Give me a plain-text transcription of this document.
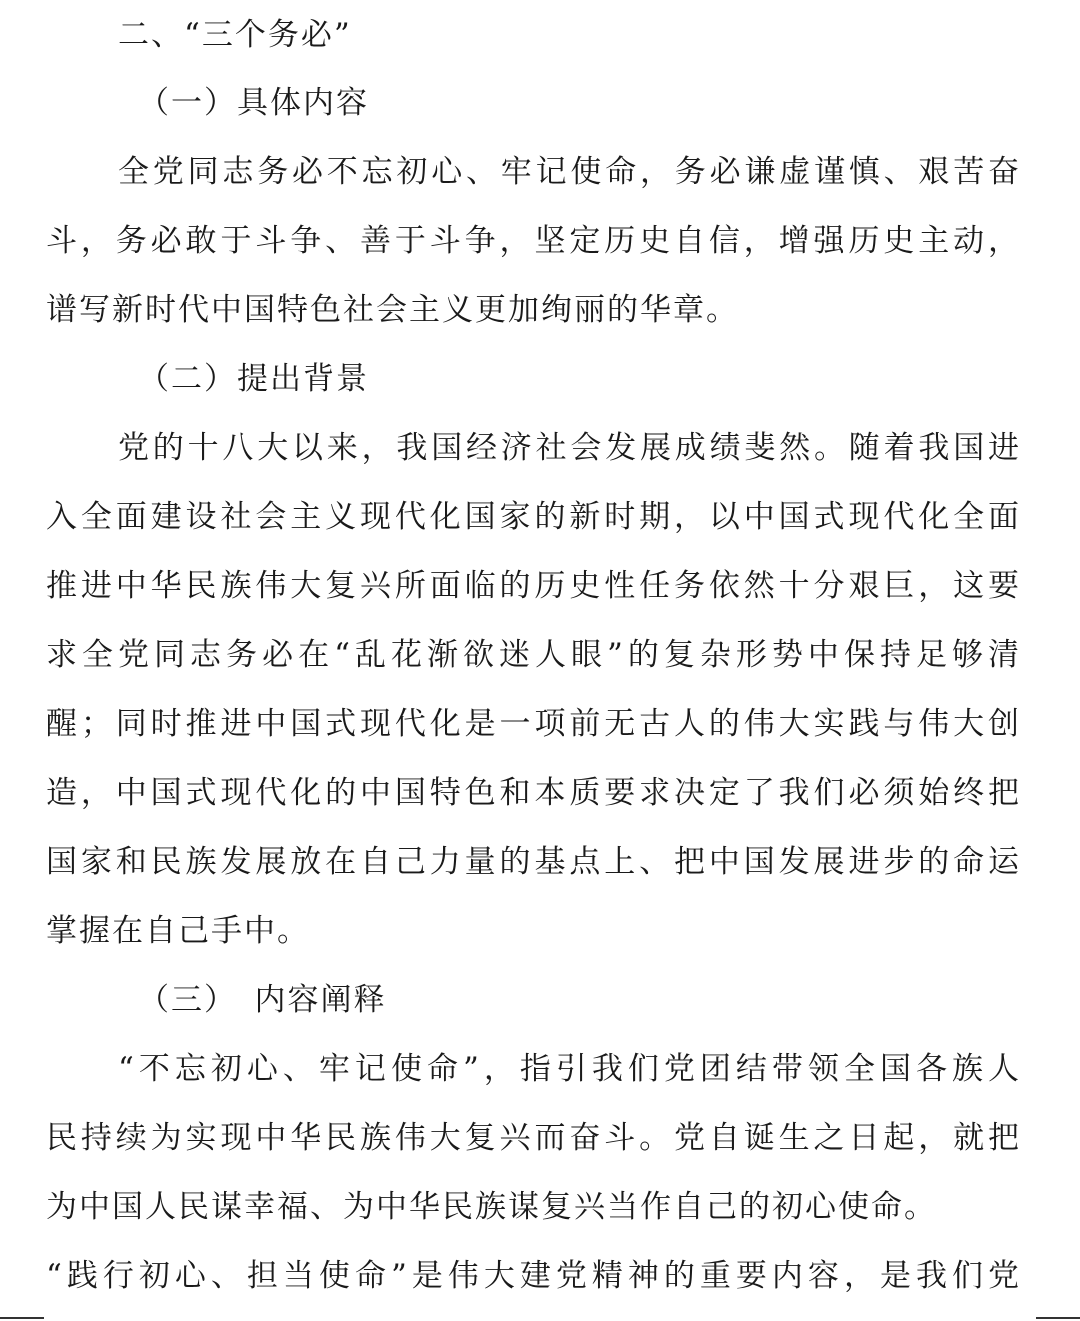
二、“三个务必”
（一）具体内容
全党同志务必不忘初心、牢记使命，务必谦虚谨慎、艰苦奋
斗，务必敢于斗争、善于斗争，坚定历史自信，增强历史主动，
谱写新时代中国特色社会主义更加绚丽的华章。
（二）提出背景
党的十八大以来，我国经济社会发展成绩斐然。随着我国进
入全面建设社会主义现代化国家的新时期，以中国式现代化全面
推进中华民族伟大复兴所面临的历史性任务依然十分艰巨，这要
求全党同志务必在“乱花渐欲迷人眼”的复杂形势中保持足够清
醒；同时推进中国式现代化是一项前无古人的伟大实践与伟大创
造，中国式现代化的中国特色和本质要求决定了我们必须始终把
国家和民族发展放在自己力量的基点上、把中国发展进步的命运
掌握在自己手中。
（三）　内容阐释
“不忘初心、牢记使命”，指引我们党团结带领全国各族人
民持续为实现中华民族伟大复兴而奋斗。党自诞生之日起，就把
为中国人民谋幸福、为中华民族谋复兴当作自己的初心使命。
“践行初心、担当使命”是伟大建党精神的重要内容，是我们党
